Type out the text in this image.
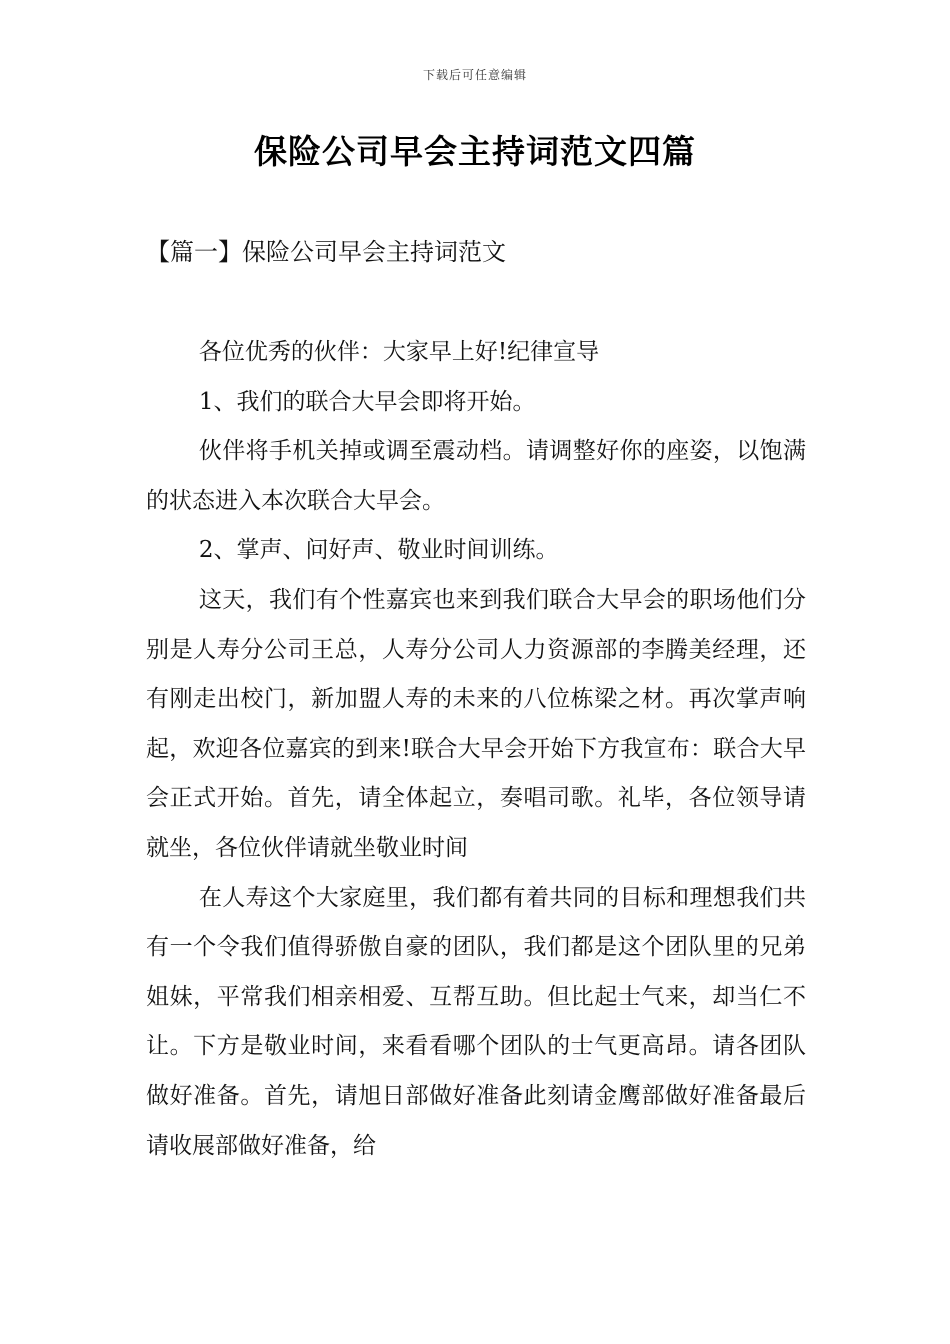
下载后可任意编辑
保险公司早会主持词范文四篇
【篇一】保险公司早会主持词范文

各位优秀的伙伴：大家早上好!纪律宣导

1、我们的联合大早会即将开始。

伙伴将手机关掉或调至震动档。请调整好你的座姿，以饱满的状态进入本次联合大早会。

2、掌声、问好声、敬业时间训练。

这天，我们有个性嘉宾也来到我们联合大早会的职场他们分别是人寿分公司王总，人寿分公司人力资源部的李腾美经理，还有刚走出校门，新加盟人寿的未来的八位栋梁之材。再次掌声响起，欢迎各位嘉宾的到来!联合大早会开始下方我宣布：联合大早会正式开始。首先，请全体起立，奏唱司歌。礼毕，各位领导请就坐，各位伙伴请就坐敬业时间

在人寿这个大家庭里，我们都有着共同的目标和理想我们共有一个令我们值得骄傲自豪的团队，我们都是这个团队里的兄弟姐妹，平常我们相亲相爱、互帮互助。但比起士气来，却当仁不让。下方是敬业时间，来看看哪个团队的士气更高昂。请各团队做好准备。首先，请旭日部做好准备此刻请金鹰部做好准备最后请收展部做好准备，给
